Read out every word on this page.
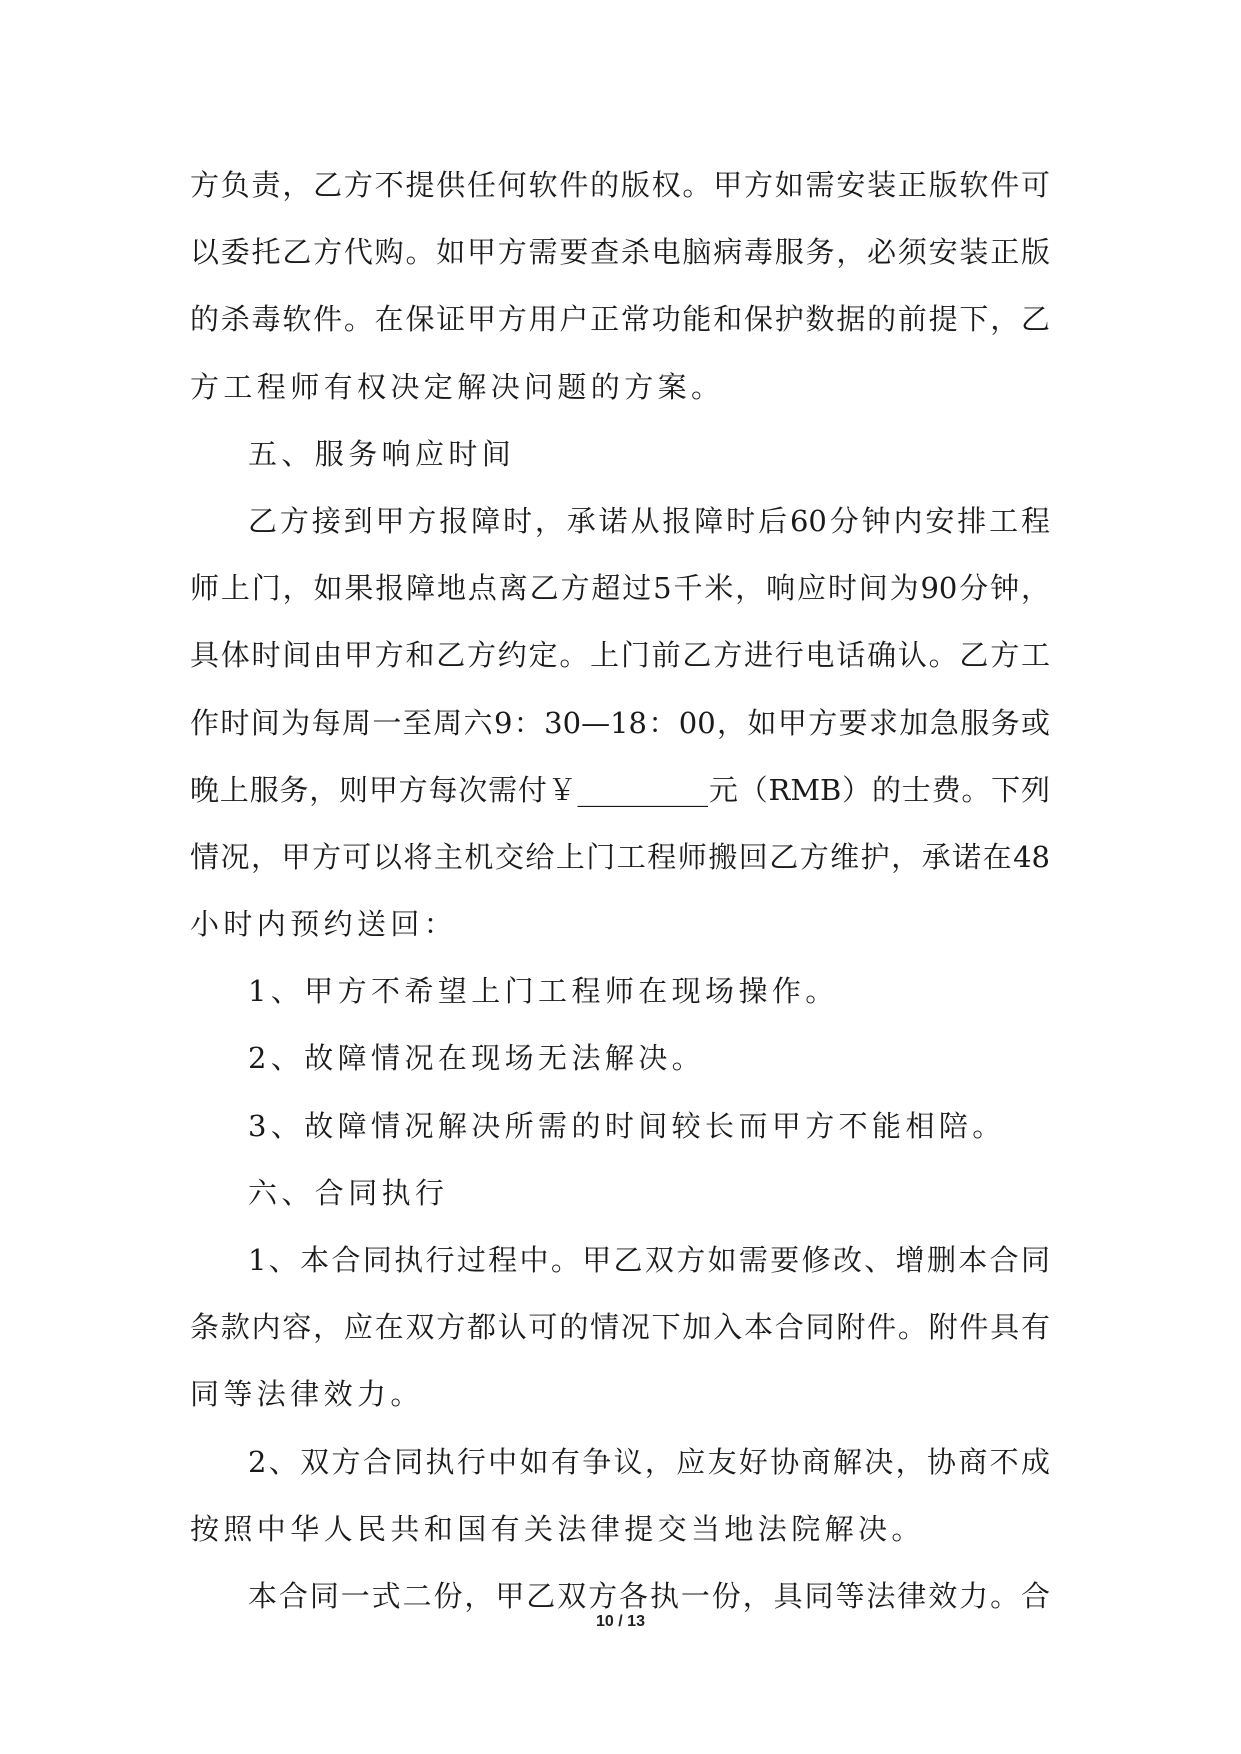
方负责，乙方不提供任何软件的版权。甲方如需安装正版软件可
以委托乙方代购。如甲方需要查杀电脑病毒服务，必须安装正版
的杀毒软件。在保证甲方用户正常功能和保护数据的前提下，乙
方工程师有权决定解决问题的方案。
五、服务响应时间
乙方接到甲方报障时，承诺从报障时后60分钟内安排工程
师上门，如果报障地点离乙方超过5千米，响应时间为90分钟，
具体时间由甲方和乙方约定。上门前乙方进行电话确认。乙方工
作时间为每周一至周六9：30—18：00，如甲方要求加急服务或
晚上服务，则甲方每次需付￥_________元（RMB）的士费。下列
情况，甲方可以将主机交给上门工程师搬回乙方维护，承诺在48
小时内预约送回：
1、甲方不希望上门工程师在现场操作。
2、故障情况在现场无法解决。
3、故障情况解决所需的时间较长而甲方不能相陪。
六、合同执行
1、本合同执行过程中。甲乙双方如需要修改、增删本合同
条款内容，应在双方都认可的情况下加入本合同附件。附件具有
同等法律效力。
2、双方合同执行中如有争议，应友好协商解决，协商不成
按照中华人民共和国有关法律提交当地法院解决。
本合同一式二份，甲乙双方各执一份，具同等法律效力。合
10 / 13
